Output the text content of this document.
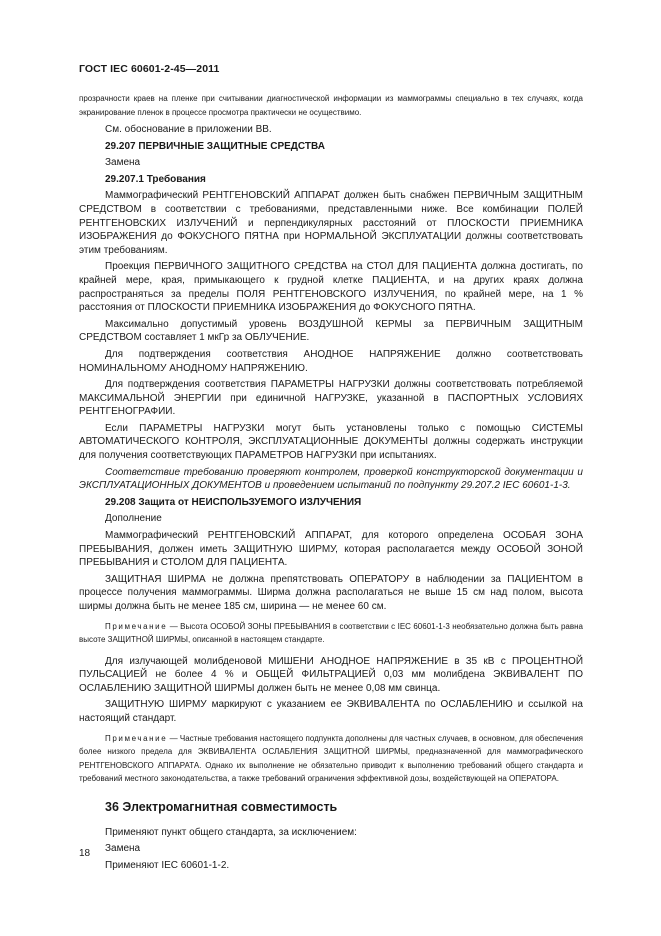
ГОСТ IEC 60601-2-45—2011

прозрачности краев на пленке при считывании диагностической информации из маммограммы специально в тех случаях, когда экранирование пленок в процессе просмотра практически не осуществимо.

См. обоснование в приложении ВВ.

29.207 ПЕРВИЧНЫЕ ЗАЩИТНЫЕ СРЕДСТВА

Замена

29.207.1 Требования

Маммографический РЕНТГЕНОВСКИЙ АППАРАТ должен быть снабжен ПЕРВИЧНЫМ ЗАЩИТНЫМ СРЕДСТВОМ в соответствии с требованиями, представленными ниже. Все комбинации ПОЛЕЙ РЕНТГЕНОВСКИХ ИЗЛУЧЕНИЙ и перпендикулярных расстояний от ПЛОСКОСТИ ПРИЕМНИКА ИЗОБРАЖЕНИЯ до ФОКУСНОГО ПЯТНА при НОРМАЛЬНОЙ ЭКСПЛУАТАЦИИ должны соответствовать этим требованиям.

Проекция ПЕРВИЧНОГО ЗАЩИТНОГО СРЕДСТВА на СТОЛ ДЛЯ ПАЦИЕНТА должна достигать, по крайней мере, края, примыкающего к грудной клетке ПАЦИЕНТА, и на других краях должна распространяться за пределы ПОЛЯ РЕНТГЕНОВСКОГО ИЗЛУЧЕНИЯ, по крайней мере, на 1 % расстояния от ПЛОСКОСТИ ПРИЕМНИКА ИЗОБРАЖЕНИЯ до ФОКУСНОГО ПЯТНА.

Максимально допустимый уровень ВОЗДУШНОЙ КЕРМЫ за ПЕРВИЧНЫМ ЗАЩИТНЫМ СРЕДСТВОМ составляет 1 мкГр за ОБЛУЧЕНИЕ.

Для подтверждения соответствия АНОДНОЕ НАПРЯЖЕНИЕ должно соответствовать НОМИНАЛЬНОМУ АНОДНОМУ НАПРЯЖЕНИЮ.

Для подтверждения соответствия ПАРАМЕТРЫ НАГРУЗКИ должны соответствовать потребляемой МАКСИМАЛЬНОЙ ЭНЕРГИИ при единичной НАГРУЗКЕ, указанной в ПАСПОРТНЫХ УСЛОВИЯХ РЕНТГЕНОГРАФИИ.

Если ПАРАМЕТРЫ НАГРУЗКИ могут быть установлены только с помощью СИСТЕМЫ АВТОМАТИЧЕСКОГО КОНТРОЛЯ, ЭКСПЛУАТАЦИОННЫЕ ДОКУМЕНТЫ должны содержать инструкции для получения соответствующих ПАРАМЕТРОВ НАГРУЗКИ при испытаниях.

Соответствие требованию проверяют контролем, проверкой конструкторской документации и ЭКСПЛУАТАЦИОННЫХ ДОКУМЕНТОВ и проведением испытаний по подпункту 29.207.2 IEC 60601-1-3.

29.208 Защита от НЕИСПОЛЬЗУЕМОГО ИЗЛУЧЕНИЯ

Дополнение

Маммографический РЕНТГЕНОВСКИЙ АППАРАТ, для которого определена ОСОБАЯ ЗОНА ПРЕБЫВАНИЯ, должен иметь ЗАЩИТНУЮ ШИРМУ, которая располагается между ОСОБОЙ ЗОНОЙ ПРЕБЫВАНИЯ и СТОЛОМ ДЛЯ ПАЦИЕНТА.

ЗАЩИТНАЯ ШИРМА не должна препятствовать ОПЕРАТОРУ в наблюдении за ПАЦИЕНТОМ в процессе получения маммограммы. Ширма должна располагаться не выше 15 см над полом, высота ширмы должна быть не менее 185 см, ширина — не менее 60 см.

Примечание — Высота ОСОБОЙ ЗОНЫ ПРЕБЫВАНИЯ в соответствии с IEC 60601-1-3 необязательно должна быть равна высоте ЗАЩИТНОЙ ШИРМЫ, описанной в настоящем стандарте.

Для излучающей молибденовой МИШЕНИ АНОДНОЕ НАПРЯЖЕНИЕ в 35 кВ с ПРОЦЕНТНОЙ ПУЛЬСАЦИЕЙ не более 4 % и ОБЩЕЙ ФИЛЬТРАЦИЕЙ 0,03 мм молибдена ЭКВИВАЛЕНТ ПО ОСЛАБЛЕНИЮ ЗАЩИТНОЙ ШИРМЫ должен быть не менее 0,08 мм свинца.

ЗАЩИТНУЮ ШИРМУ маркируют с указанием ее ЭКВИВАЛЕНТА по ОСЛАБЛЕНИЮ и ссылкой на настоящий стандарт.

Примечание — Частные требования настоящего подпункта дополнены для частных случаев, в основном, для обеспечения более низкого предела для ЭКВИВАЛЕНТА ОСЛАБЛЕНИЯ ЗАЩИТНОЙ ШИРМЫ, предназначенной для маммографического РЕНТГЕНОВСКОГО АППАРАТА. Однако их выполнение не обязательно приводит к выполнению требований общего стандарта и требований местного законодательства, а также требований ограничения эффективной дозы, воздействующей на ОПЕРАТОРА.

36 Электромагнитная совместимость

Применяют пункт общего стандарта, за исключением:

Замена

Применяют IEC 60601-1-2.

18
